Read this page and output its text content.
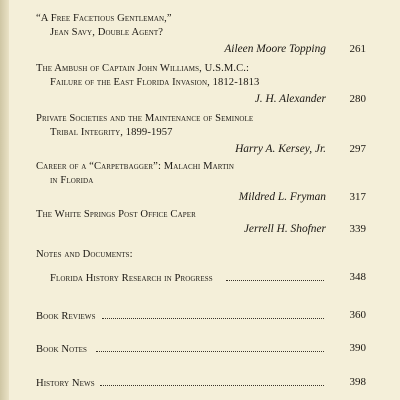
“A Free Facetious Gentleman,”
Jean Savy, Double Agent?
Aileen Moore Topping	261
The Ambush of Captain John Williams, U.S.M.C.:
Failure of the East Florida Invasion, 1812-1813
J. H. Alexander	280
Private Societies and the Maintenance of Seminole
Tribal Integrity, 1899-1957
Harry A. Kersey, Jr.	297
Career of a “Carpetbagger”: Malachi Martin
in Florida
Mildred L. Fryman	317
The White Springs Post Office Caper
Jerrell H. Shofner	339
Notes and Documents:
Florida History Research in Progress	348
Book Reviews	360
Book Notes	390
History News	398
